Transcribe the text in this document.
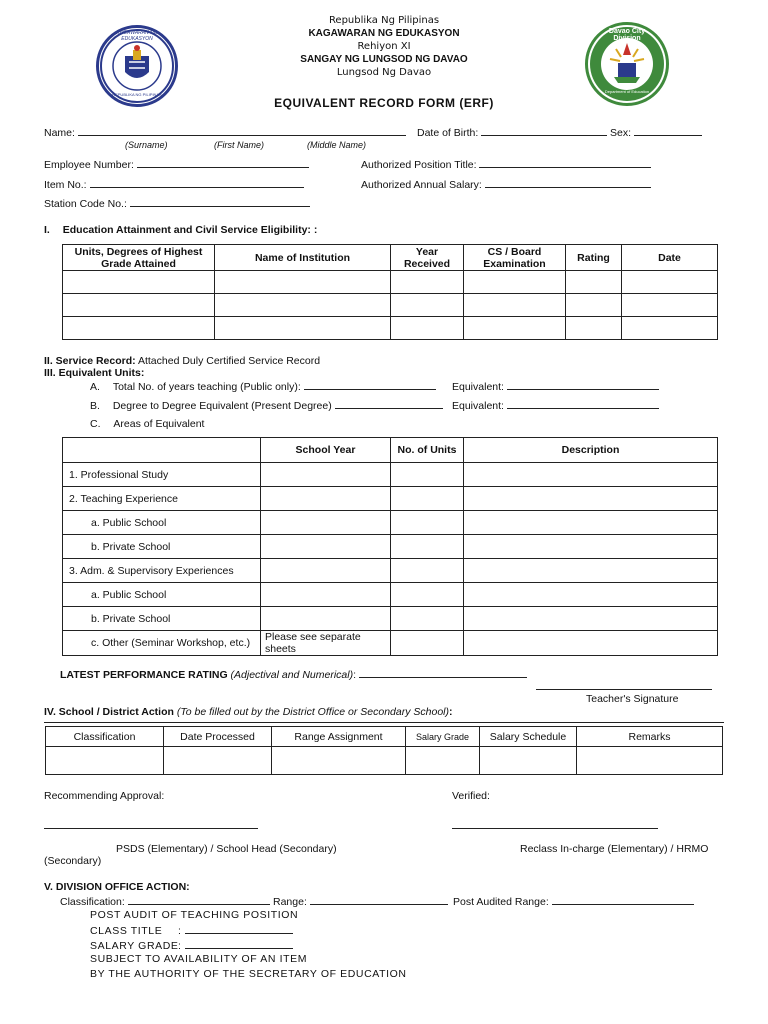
KAGAWARAN NG EDUKASYON
REPUBLIKA NG PILIPINAS
Davao City Division
Department of Education
Republika Ng Pilipinas
KAGAWARAN NG EDUKASYON
Rehiyon XI
SANGAY NG LUNGSOD NG DAVAO
Lungsod Ng Davao
EQUIVALENT RECORD FORM (ERF)
Name:	Date of Birth:	Sex:
(Surname)	(First Name)	(Middle Name)
Employee Number:	Authorized Position Title:
Item No.:	Authorized Annual Salary:
Station Code No.:
I. Education Attainment and Civil Service Eligibility: :
Units, Degrees of Highest Grade Attained	Name of Institution	Year Received	CS / Board Examination	Rating	Date

II. Service Record: Attached Duly Certified Service Record
III. Equivalent Units:
A. Total No. of years teaching (Public only):	Equivalent:
B. Degree to Degree Equivalent (Present Degree)	Equivalent:
C. Areas of Equivalent
	School Year	No. of Units	Description
1. Professional Study			
2. Teaching Experience			
a. Public School			
b. Private School			
3. Adm. & Supervisory Experiences			
a. Public School			
b. Private School			
c. Other (Seminar Workshop, etc.)	Please see separate sheets		
LATEST PERFORMANCE RATING (Adjectival and Numerical):
Teacher's Signature
IV. School / District Action (To be filled out by the District Office or Secondary School):
Classification	Date Processed	Range Assignment	Salary Grade	Salary Schedule	Remarks

Recommending Approval:	Verified:
PSDS (Elementary) / School Head (Secondary)	Reclass In-charge (Elementary) / HRMO
(Secondary)
V. DIVISION OFFICE ACTION:
Classification:	Range:	Post Audited Range:
POST AUDIT OF TEACHING POSITION
CLASS TITLE :
SALARY GRADE:
SUBJECT TO AVAILABILITY OF AN ITEM
BY THE AUTHORITY OF THE SECRETARY OF EDUCATION
